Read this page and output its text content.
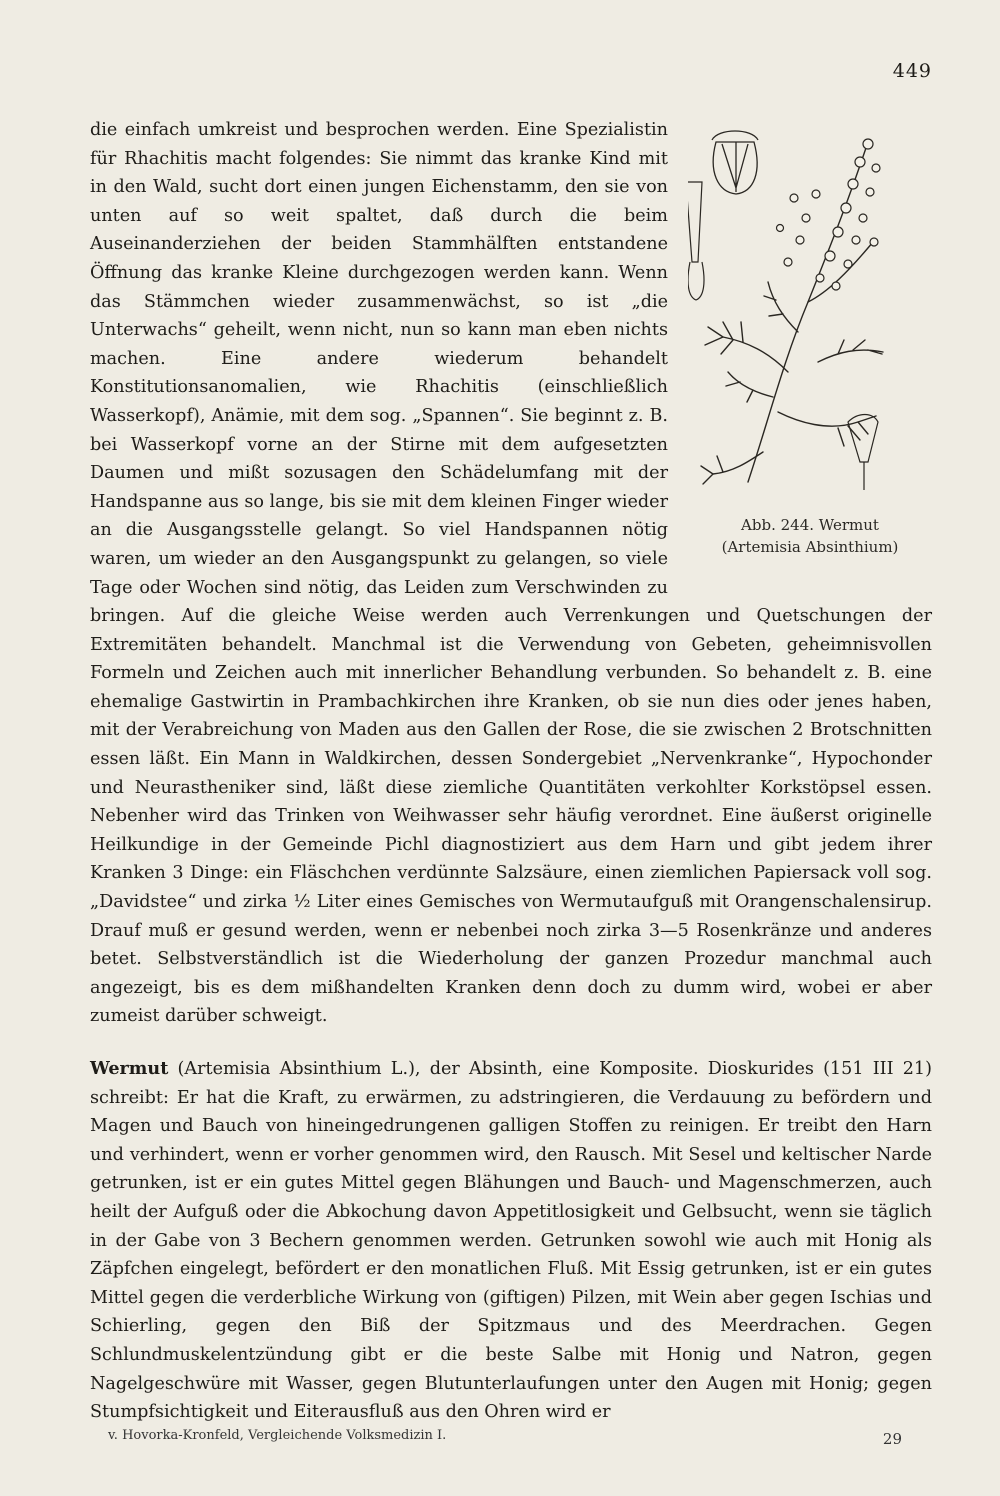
449
Abb. 244. Wermut
(Artemisia Absinthium)
die einfach umkreist und besprochen werden. Eine Spezialistin für Rhachitis macht folgendes: Sie nimmt das kranke Kind mit in den Wald, sucht dort einen jungen Eichenstamm, den sie von unten auf so weit spaltet, daß durch die beim Auseinanderziehen der beiden Stammhälften entstandene Öffnung das kranke Kleine durchgezogen werden kann. Wenn das Stämmchen wieder zusammenwächst, so ist „die Unterwachs“ geheilt, wenn nicht, nun so kann man eben nichts machen. Eine andere wiederum behandelt Konstitutionsanomalien, wie Rhachitis (einschließlich Wasserkopf), Anämie, mit dem sog. „Spannen“. Sie beginnt z. B. bei Wasserkopf vorne an der Stirne mit dem aufgesetzten Daumen und mißt sozusagen den Schädelumfang mit der Handspanne aus so lange, bis sie mit dem kleinen Finger wieder an die Ausgangsstelle gelangt. So viel Handspannen nötig waren, um wieder an den Ausgangspunkt zu gelangen, so viele Tage oder Wochen sind nötig, das Leiden zum Verschwinden zu bringen. Auf die gleiche Weise werden auch Verrenkungen und Quetschungen der Extremitäten behandelt. Manchmal ist die Verwendung von Gebeten, geheimnisvollen Formeln und Zeichen auch mit innerlicher Behandlung verbunden. So behandelt z. B. eine ehemalige Gastwirtin in Prambachkirchen ihre Kranken, ob sie nun dies oder jenes haben, mit der Verabreichung von Maden aus den Gallen der Rose, die sie zwischen 2 Brotschnitten essen läßt. Ein Mann in Waldkirchen, dessen Sondergebiet „Nervenkranke“, Hypochonder und Neurastheniker sind, läßt diese ziemliche Quantitäten verkohlter Korkstöpsel essen. Nebenher wird das Trinken von Weihwasser sehr häufig verordnet. Eine äußerst originelle Heilkundige in der Gemeinde Pichl diagnostiziert aus dem Harn und gibt jedem ihrer Kranken 3 Dinge: ein Fläschchen verdünnte Salzsäure, einen ziemlichen Papiersack voll sog. „Davidstee“ und zirka ½ Liter eines Gemisches von Wermutaufguß mit Orangenschalensirup. Drauf muß er gesund werden, wenn er nebenbei noch zirka 3—5 Rosenkränze und anderes betet. Selbstverständlich ist die Wiederholung der ganzen Prozedur manchmal auch angezeigt, bis es dem mißhandelten Kranken denn doch zu dumm wird, wobei er aber zumeist darüber schweigt.
Wermut (Artemisia Absinthium L.), der Absinth, eine Komposite. Dioskurides (151 III 21) schreibt: Er hat die Kraft, zu erwärmen, zu adstringieren, die Verdauung zu befördern und Magen und Bauch von hineingedrungenen galligen Stoffen zu reinigen. Er treibt den Harn und verhindert, wenn er vorher genommen wird, den Rausch. Mit Sesel und keltischer Narde getrunken, ist er ein gutes Mittel gegen Blähungen und Bauch- und Magenschmerzen, auch heilt der Aufguß oder die Abkochung davon Appetitlosigkeit und Gelbsucht, wenn sie täglich in der Gabe von 3 Bechern genommen werden. Getrunken sowohl wie auch mit Honig als Zäpfchen eingelegt, befördert er den monatlichen Fluß. Mit Essig getrunken, ist er ein gutes Mittel gegen die verderbliche Wirkung von (giftigen) Pilzen, mit Wein aber gegen Ischias und Schierling, gegen den Biß der Spitzmaus und des Meerdrachen. Gegen Schlundmuskelentzündung gibt er die beste Salbe mit Honig und Natron, gegen Nagelgeschwüre mit Wasser, gegen Blutunterlaufungen unter den Augen mit Honig; gegen Stumpfsichtigkeit und Eiterausfluß aus den Ohren wird er
v. Hovorka-Kronfeld, Vergleichende Volksmedizin I.	29
